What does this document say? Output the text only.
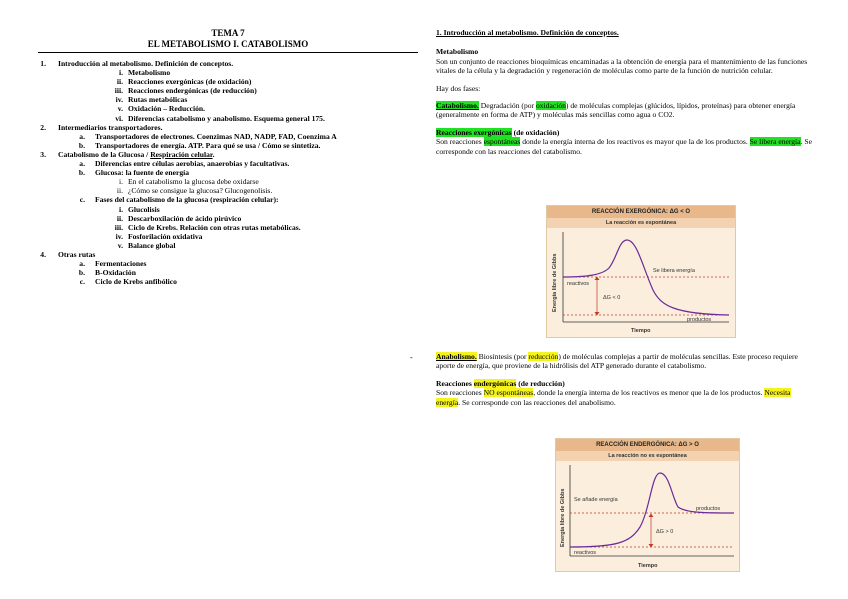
TEMA 7
EL METABOLISMO I. CATABOLISMO
1. Introducción al metabolismo. Definición de conceptos.
i. Metabolismo
ii. Reacciones exergónicas (de oxidación)
iii. Reacciones endergónicas (de reducción)
iv. Rutas metabólicas
v. Oxidación – Reducción.
vi. Diferencias catabolismo y anabolismo. Esquema general 175.
2. Intermediarios transportadores.
a. Transportadores de electrones. Coenzimas NAD, NADP, FAD, Coenzima A
b. Transportadores de energía. ATP. Para qué se usa / Cómo se sintetiza.
3. Catabolismo de la Glucosa / Respiración celular.
a. Diferencias entre células aerobias, anaerobias y facultativas.
b. Glucosa: la fuente de energía
i. En el catabolismo la glucosa debe oxidarse
ii. ¿Cómo se consigue la glucosa? Glucogenolisis.
c. Fases del catabolismo de la glucosa (respiración celular):
i. Glucolisis
ii. Descarboxilación de ácido pirúvico
iii. Ciclo de Krebs. Relación con otras rutas metabólicas.
iv. Fosforilación oxidativa
v. Balance global
4. Otras rutas
a. Fermentaciones
b. B-Oxidación
c. Ciclo de Krebs anfibólico
1. Introducción al metabolismo. Definición de conceptos.
Metabolismo
Son un conjunto de reacciones bioquímicas encaminadas a la obtención de energía para el mantenimiento de las funciones vitales de la célula y la degradación y regeneración de moléculas como parte de la función de nutrición celular.
Hay dos fases:
Catabolismo. Degradación (por oxidación) de moléculas complejas (glúcidos, lípidos, proteínas) para obtener energía (generalmente en forma de ATP) y moléculas más sencillas como agua o CO2.
Reacciones exergónicas (de oxidación)
Son reacciones espontáneas donde la energía interna de los reactivos es mayor que la de los productos. Se libera energía. Se corresponde con las reacciones del catabolismo.
REACCIÓN EXERGÓNICA: ΔG < O
La reacción es espontánea
Energía libre de Gibbs
Tiempo
Se libera energía
reactivos
productos
ΔG < 0
-	Anabolismo. Biosíntesis (por reducción) de moléculas complejas a partir de moléculas sencillas. Este proceso requiere aporte de energía, que proviene de la hidrólisis del ATP generado durante el catabolismo.
Reacciones endergónicas (de reducción)
Son reacciones NO espontáneas, donde la energía interna de los reactivos es menor que la de los productos. Necesita energía. Se corresponde con las reacciones del anabolismo.
REACCIÓN ENDERGÓNICA: ΔG > O
La reacción no es espontánea
Energía libre de Gibbs
Tiempo
Se añade energía
reactivos
productos
ΔG > 0
